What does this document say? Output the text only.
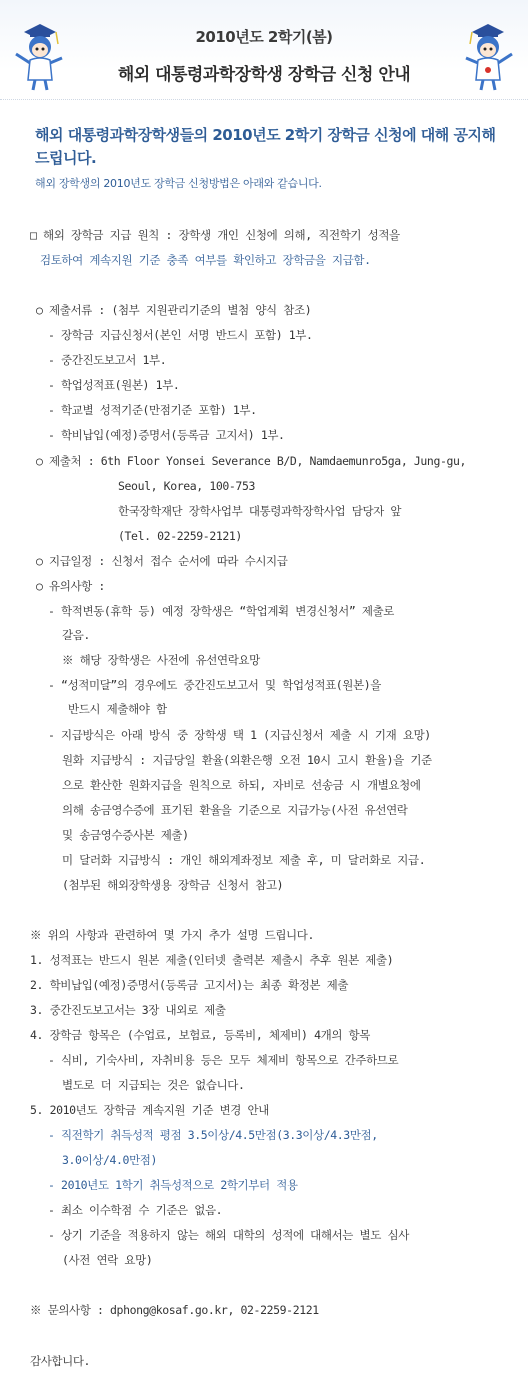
2010년도 2학기(봄)
해외 대통령과학장학생 장학금 신청 안내
해외 대통령과학장학생들의 2010년도 2학기 장학금 신청에 대해 공지해 드립니다.
해외 장학생의 2010년도 장학금 신청방법은 아래와 같습니다.
□ 해외 장학금 지급 원칙 : 장학생 개인 신청에 의해, 직전학기 성적을
검토하여 계속지원 기준 충족 여부를 확인하고 장학금을 지급함.
○ 제출서류 : (첨부 지원관리기준의 별첨 양식 참조)
- 장학금 지급신청서(본인 서명 반드시 포함) 1부.
- 중간진도보고서 1부.
- 학업성적표(원본) 1부.
- 학교별 성적기준(만점기준 포함) 1부.
- 학비납입(예정)증명서(등록금 고지서) 1부.
○ 제출처 : 6th Floor Yonsei Severance B/D, Namdaemunro5ga, Jung-gu,
Seoul, Korea, 100-753
한국장학재단 장학사업부 대통령과학장학사업 담당자 앞
(Tel. 02-2259-2121)
○ 지급일정 : 신청서 접수 순서에 따라 수시지급
○ 유의사항 :
- 학적변동(휴학 등) 예정 장학생은 “학업계획 변경신청서” 제출로
갈음.
※ 해당 장학생은 사전에 유선연락요망
- “성적미달”의 경우에도 중간진도보고서 및 학업성적표(원본)을
반드시 제출해야 함
- 지급방식은 아래 방식 중 장학생 택 1 (지급신청서 제출 시 기재 요망)
원화 지급방식 : 지급당일 환율(외환은행 오전 10시 고시 환율)을 기준
으로 환산한 원화지급을 원칙으로 하되, 자비로 선송금 시 개별요청에
의해 송금영수증에 표기된 환율을 기준으로 지급가능(사전 유선연락
및 송금영수증사본 제출)
미 달러화 지급방식 : 개인 해외계좌정보 제출 후, 미 달러화로 지급.
(첨부된 해외장학생용 장학금 신청서 참고)
※ 위의 사항과 관련하여 몇 가지 추가 설명 드립니다.
1. 성적표는 반드시 원본 제출(인터넷 출력본 제출시 추후 원본 제출)
2. 학비납입(예정)증명서(등록금 고지서)는 최종 확정본 제출
3. 중간진도보고서는 3장 내외로 제출
4. 장학금 항목은 (수업료, 보험료, 등록비, 체제비) 4개의 항목
- 식비, 기숙사비, 자취비용 등은 모두 체제비 항목으로 간주하므로
별도로 더 지급되는 것은 없습니다.
5. 2010년도 장학금 계속지원 기준 변경 안내
- 직전학기 취득성적 평점 3.5이상/4.5만점(3.3이상/4.3만점,
3.0이상/4.0만점)
- 2010년도 1학기 취득성적으로 2학기부터 적용
- 최소 이수학점 수 기준은 없음.
- 상기 기준을 적용하지 않는 해외 대학의 성적에 대해서는 별도 심사
(사전 연락 요망)
※ 문의사항 : dphong@kosaf.go.kr, 02-2259-2121
감사합니다.
